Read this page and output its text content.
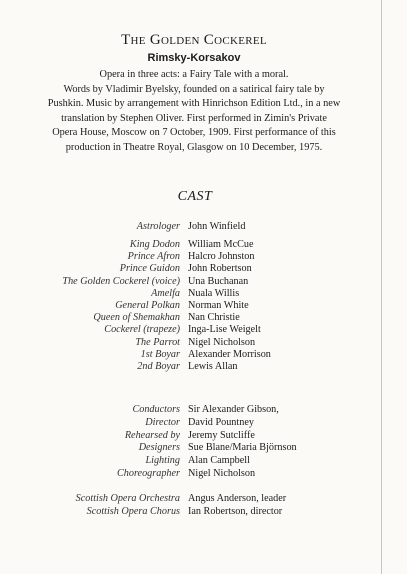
The Golden Cockerel
Rimsky-Korsakov
Opera in three acts: a Fairy Tale with a moral.
Words by Vladimir Byelsky, founded on a satirical fairy tale by
Pushkin. Music by arrangement with Hinrichson Edition Ltd., in a new
translation by Stephen Oliver. First performed in Zimin's Private
Opera House, Moscow on 7 October, 1909. First performance of this
production in Theatre Royal, Glasgow on 10 December, 1975.
CAST
Astrologer John Winfield
King Dodon William McCue
Prince Afron Halcro Johnston
Prince Guidon John Robertson
The Golden Cockerel (voice) Una Buchanan
Amelfa Nuala Willis
General Polkan Norman White
Queen of Shemakhan Nan Christie
Cockerel (trapeze) Inga-Lise Weigelt
The Parrot Nigel Nicholson
1st Boyar Alexander Morrison
2nd Boyar Lewis Allan
Conductors Sir Alexander Gibson,
Director David Pountney
Rehearsed by Jeremy Sutcliffe
Designers Sue Blane/Maria Björnson
Lighting Alan Campbell
Choreographer Nigel Nicholson
Scottish Opera Orchestra Angus Anderson, leader
Scottish Opera Chorus Ian Robertson, director
